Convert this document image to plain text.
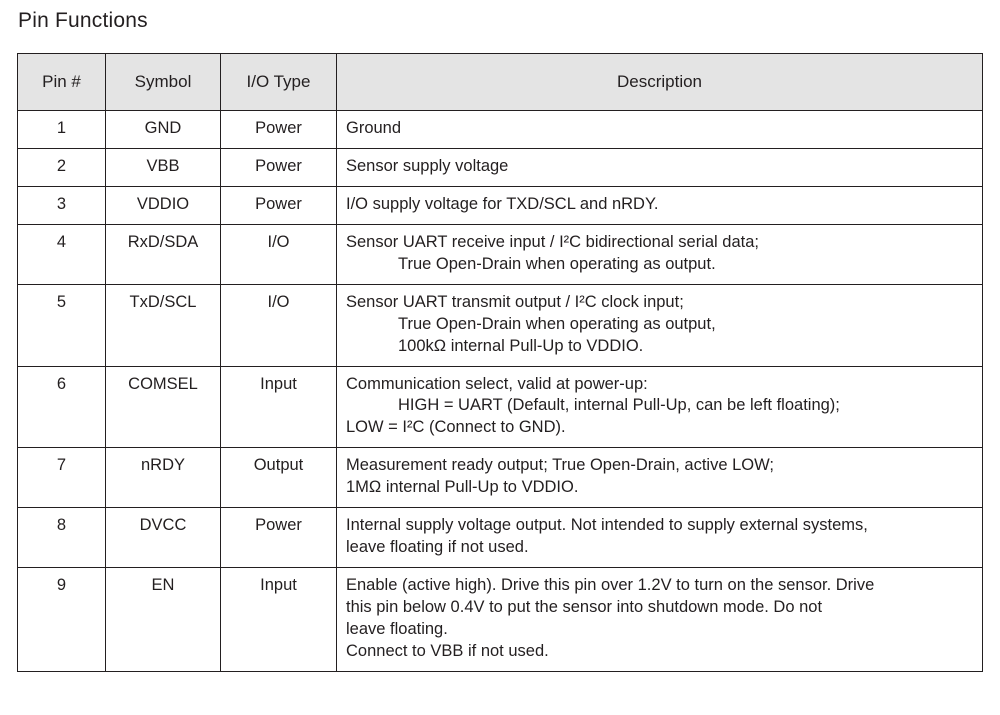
Pin Functions
Pin #	Symbol	I/O Type	Description
1	GND	Power	Ground

2	VBB	Power	Sensor supply voltage

3	VDDIO	Power	I/O supply voltage for TXD/SCL and nRDY.

4	RxD/SDA	I/O	Sensor UART receive input / I²C bidirectional serial data;
True Open-Drain when operating as output.

5	TxD/SCL	I/O	Sensor UART transmit output / I²C clock input;
True Open-Drain when operating as output,
100kΩ internal Pull-Up to VDDIO.

6	COMSEL	Input	Communication select, valid at power-up:
HIGH = UART (Default, internal Pull-Up, can be left floating);
LOW = I²C (Connect to GND).

7	nRDY	Output	Measurement ready output; True Open-Drain, active LOW;
1MΩ internal Pull-Up to VDDIO.

8	DVCC	Power	Internal supply voltage output. Not intended to supply external systems,
leave floating if not used.

9	EN	Input	Enable (active high). Drive this pin over 1.2V to turn on the sensor. Drive
this pin below 0.4V to put the sensor into shutdown mode. Do not
leave floating.
Connect to VBB if not used.
